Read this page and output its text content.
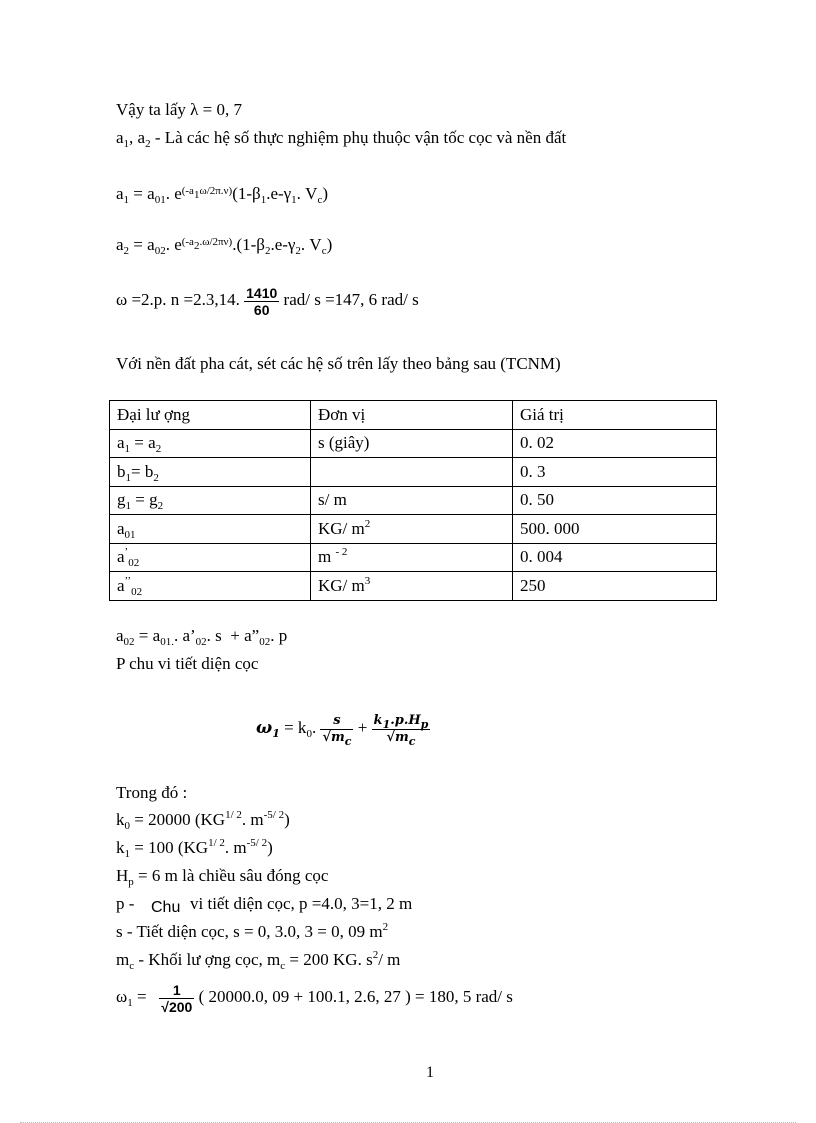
Vậy ta lấy λ = 0, 7
$a_1$, $a_2$ - Là các hệ số thực nghiệm phụ thuộc vận tốc cọc và nền đất
$a_1 = a_{01}$. $e^{(-a_1\omega/2\pi.\nu)}(1-\beta_1.e-\gamma_1$. $V_c$)
$a_2 = a_{02}$. $e^{(-a_2.\omega/2\pi\nu)}.(1-\beta_2.e-\gamma_2$. $V_c$)
ω =2.p. n =2.3,14. $\frac{1410}{60} rad/$ s =147, 6 rad/ s
Với nền đất pha cát, sét các hệ số trên lấy theo bảng sau (TCNM)
Đại lư ợng	Đơn vị	Giá trị
$a_1 = a_2$	s (giây)	0. 02
$b_1= b_2$		0. 3
$g_1 = g_2$	s/ m	0. 50
$a_{01}$	KG/ $m^2$	500. 000
$a^’_{02}$	m $^{- 2}$	0. 004
$a^{’’}_{02}$	KG/ $m^3$	250
$a_{02} = a_{01.}$. $a’_{02}$. $s + a”_{02}$. p
P chu vi tiết diện cọc
$\omega_1 = k_0$. $\frac{s}{√m_c} + \frac{k_1.p.H_p}{√m_c}$
Trong đó :
$k_0 = 20000$ ($KG^{1/ 2}$. $m^{-5/ 2}$)
$k_1 = 100$ ($KG^{1/ 2}$. $m^{-5/ 2}$)
$H_p = 6$ m là chiều sâu đóng cọc
p - Chu vi tiết diện cọc, p =4.0, 3=1, 2 m
s - Tiết diện cọc, s = 0, 3.0, 3 = 0, 09 $m^2$
$m_c$ - Khối lư ợng cọc, $m_c = 200$ KG. $s^2/$ m
$\omega_1 = \frac{1}{√200}$ ( 20000.0, 09 + 100.1, 2.6, 27 ) = 180, 5 rad/ s
1
